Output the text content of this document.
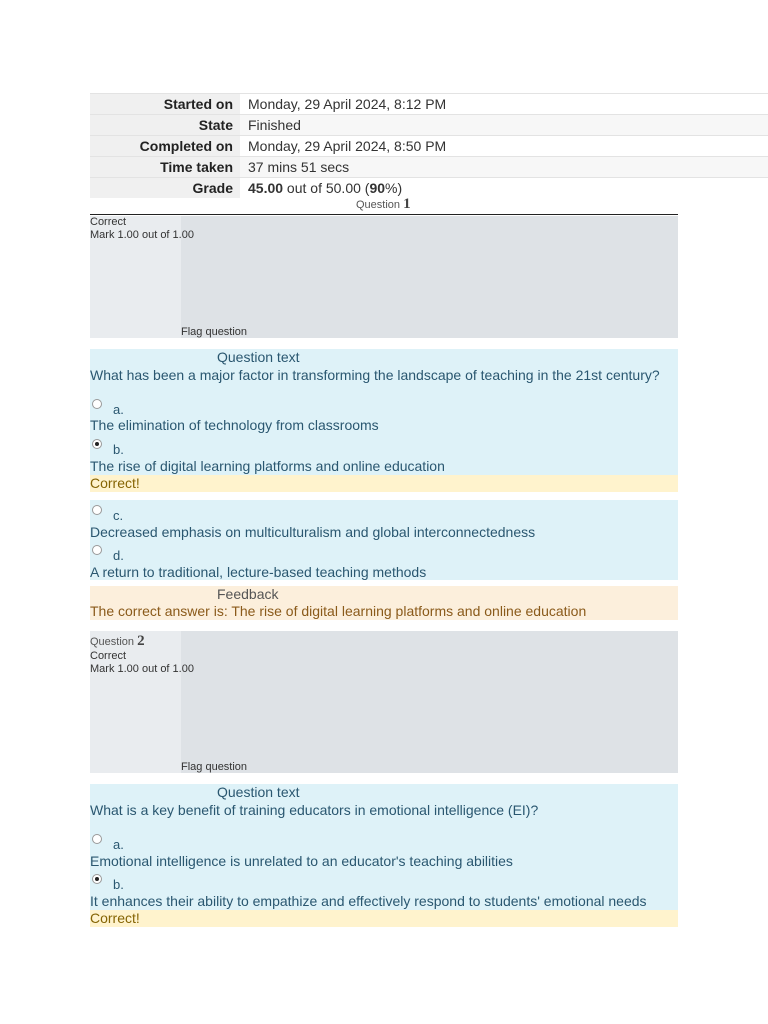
Started on	Monday, 29 April 2024, 8:12 PM
State	Finished
Completed on	Monday, 29 April 2024, 8:50 PM
Time taken	37 mins 51 secs
Grade	45.00 out of 50.00 (90%)
Question 1
Correct
Mark 1.00 out of 1.00
Flag question
Question text
What has been a major factor in transforming the landscape of teaching in the 21st century?
a.
The elimination of technology from classrooms
b.
The rise of digital learning platforms and online education
Correct!
c.
Decreased emphasis on multiculturalism and global interconnectedness
d.
A return to traditional, lecture-based teaching methods
Feedback
The correct answer is: The rise of digital learning platforms and online education
Question 2
Correct
Mark 1.00 out of 1.00
Flag question
Question text
What is a key benefit of training educators in emotional intelligence (EI)?
a.
Emotional intelligence is unrelated to an educator's teaching abilities
b.
It enhances their ability to empathize and effectively respond to students' emotional needs
Correct!
